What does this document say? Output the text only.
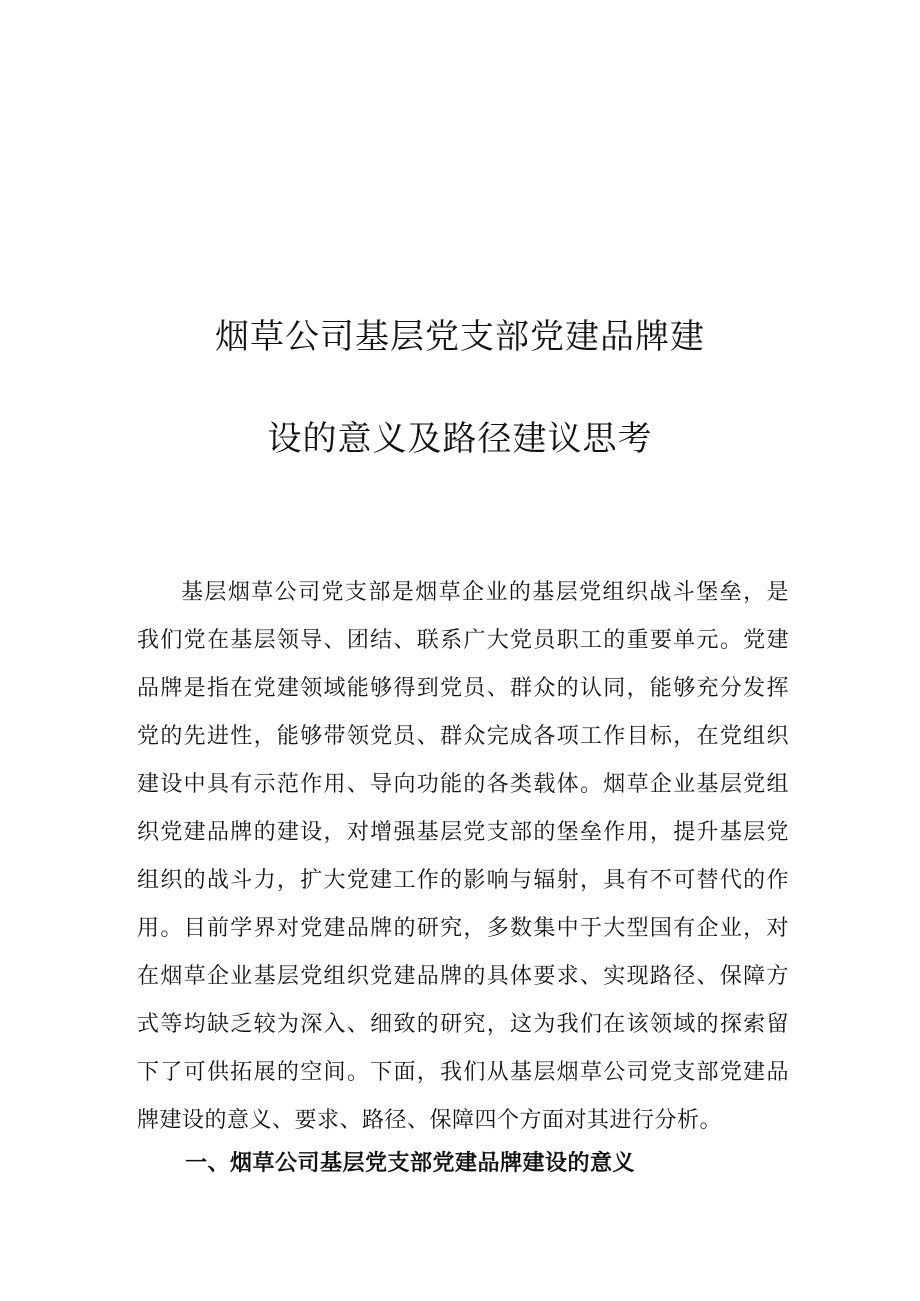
烟草公司基层党支部党建品牌建
设的意义及路径建议思考
基层烟草公司党支部是烟草企业的基层党组织战斗堡垒，是
我们党在基层领导、团结、联系广大党员职工的重要单元。党建
品牌是指在党建领域能够得到党员、群众的认同，能够充分发挥
党的先进性，能够带领党员、群众完成各项工作目标，在党组织
建设中具有示范作用、导向功能的各类载体。烟草企业基层党组
织党建品牌的建设，对增强基层党支部的堡垒作用，提升基层党
组织的战斗力，扩大党建工作的影响与辐射，具有不可替代的作
用。目前学界对党建品牌的研究，多数集中于大型国有企业，对
在烟草企业基层党组织党建品牌的具体要求、实现路径、保障方
式等均缺乏较为深入、细致的研究，这为我们在该领域的探索留
下了可供拓展的空间。下面，我们从基层烟草公司党支部党建品
牌建设的意义、要求、路径、保障四个方面对其进行分析。
一、烟草公司基层党支部党建品牌建设的意义
